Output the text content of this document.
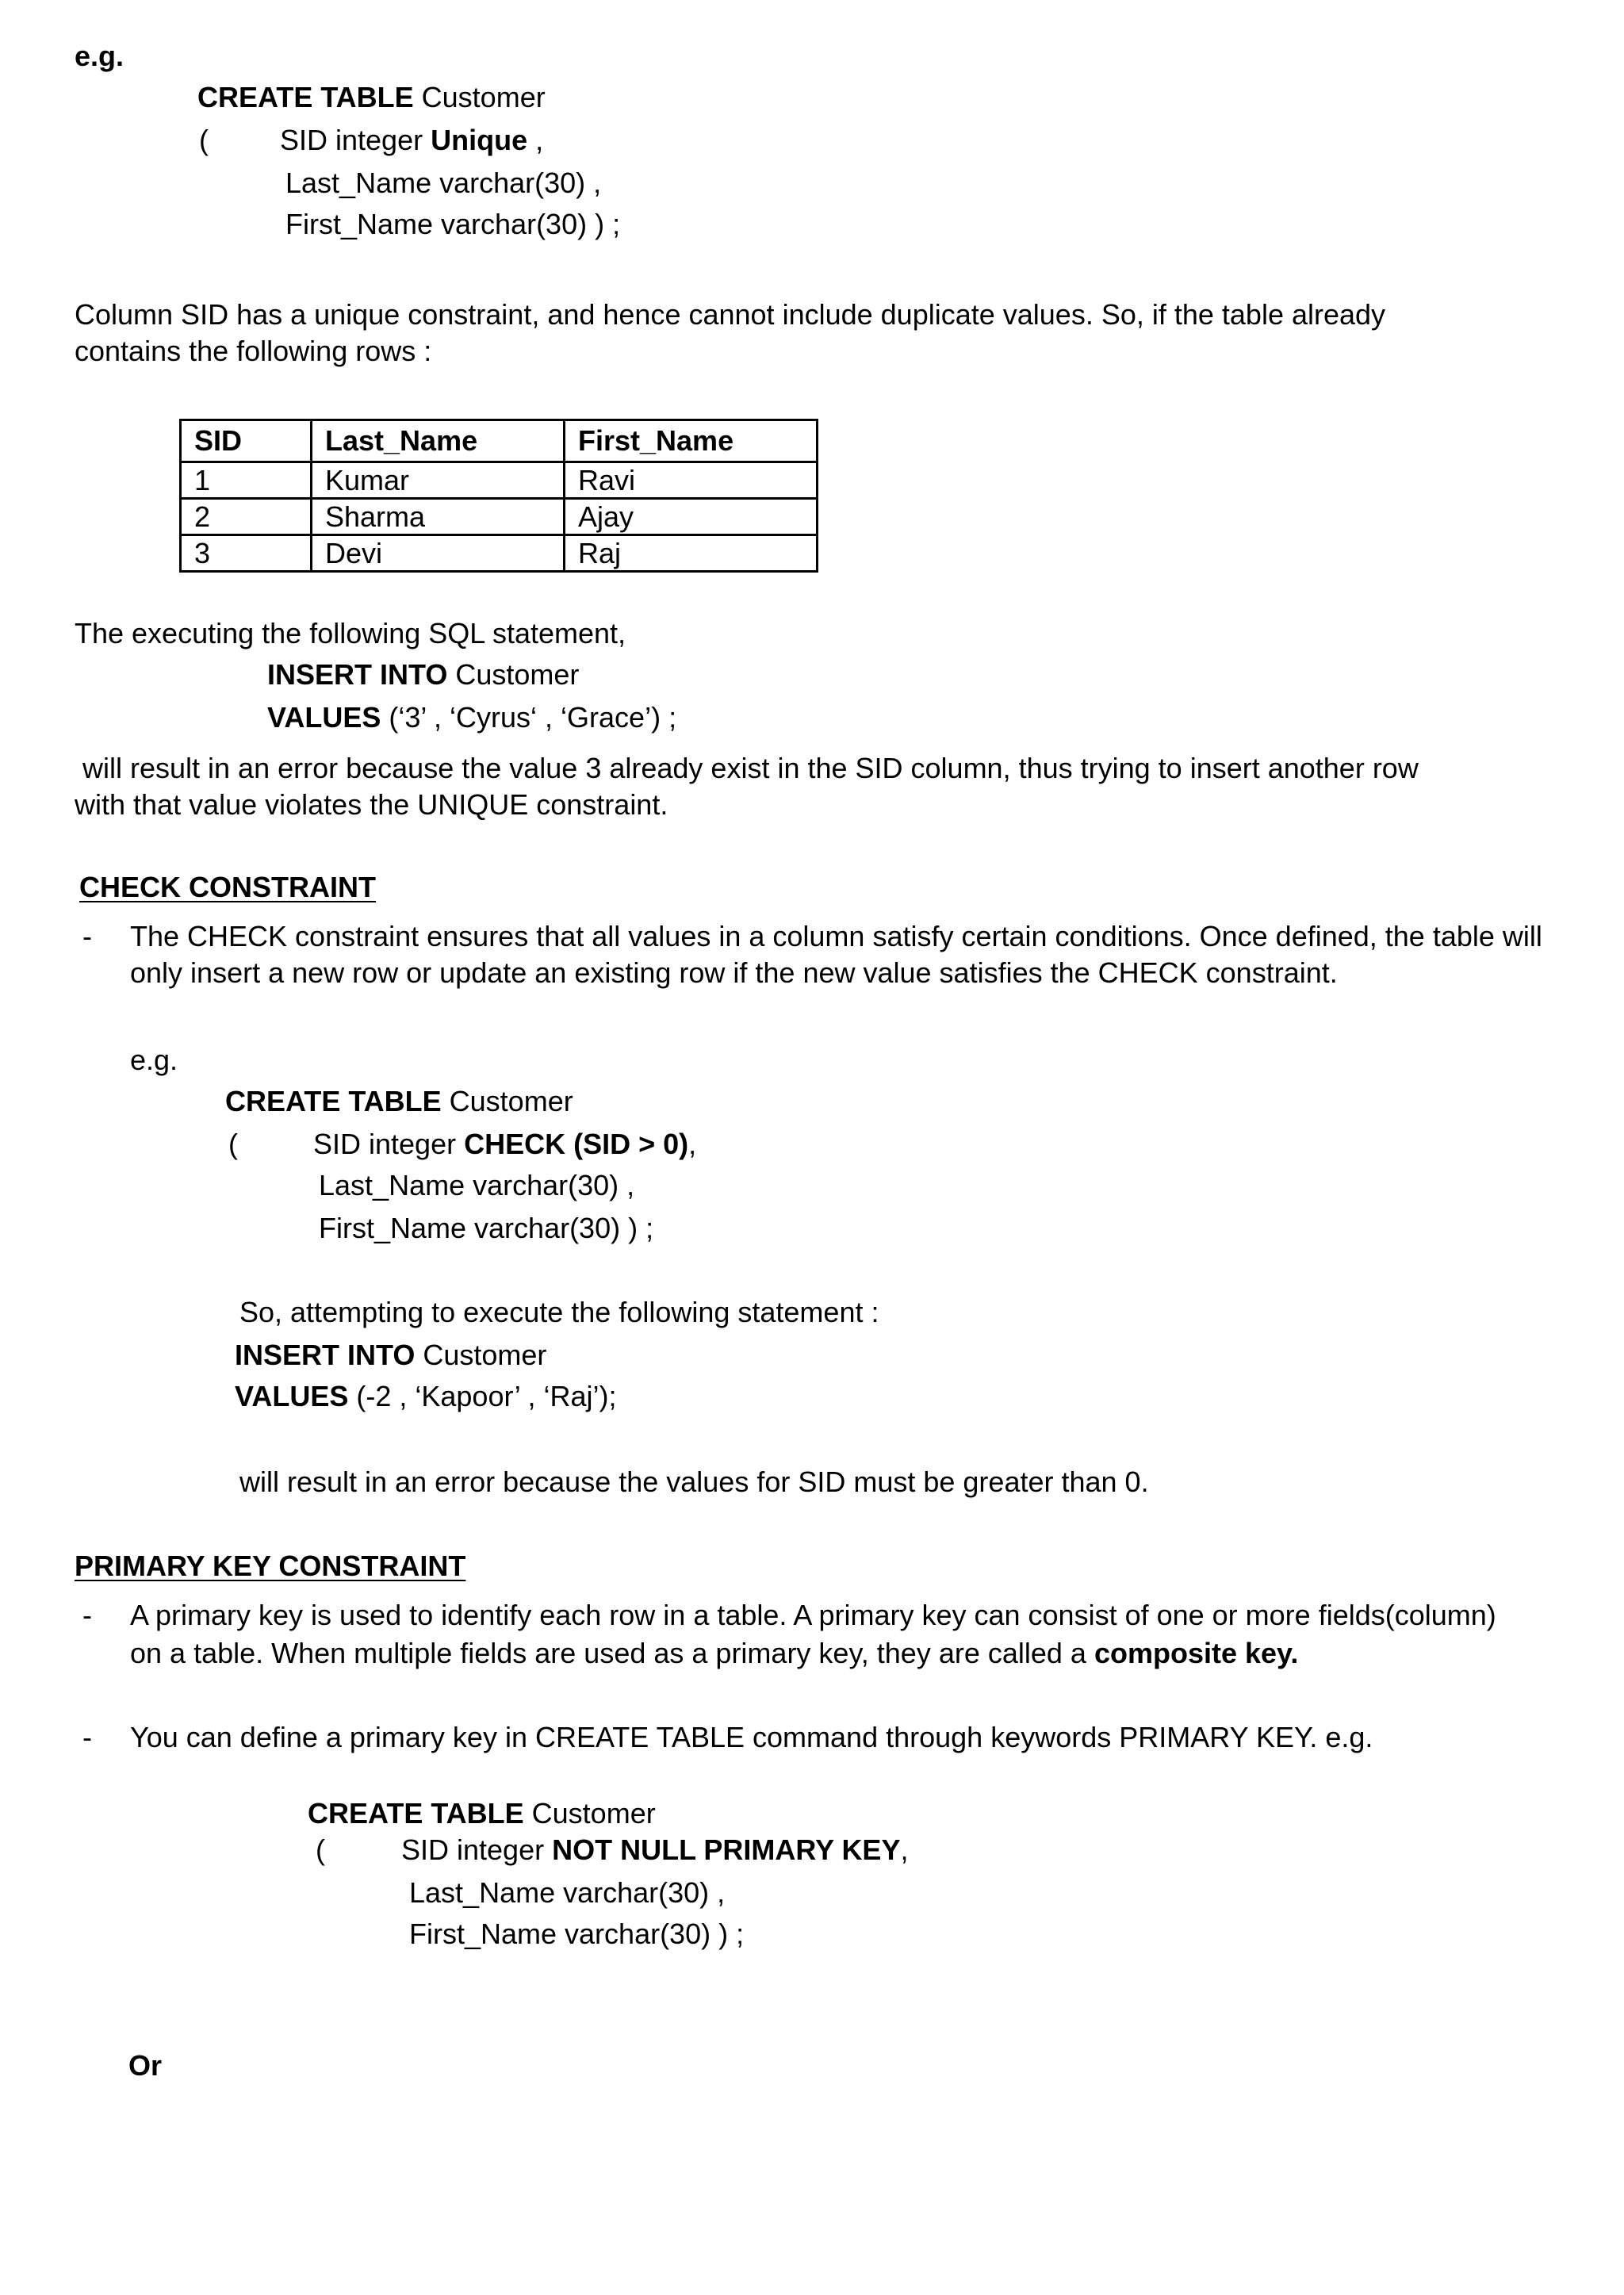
e.g.
CREATE TABLE Customer
(	SID integer Unique ,
Last_Name varchar(30) ,
First_Name varchar(30) ) ;
Column SID has a unique constraint, and hence cannot include duplicate values. So, if the table already
contains the following rows :
SID	Last_Name	First_Name
1	Kumar	Ravi
2	Sharma	Ajay
3	Devi	Raj
The executing the following SQL statement,
INSERT INTO Customer
VALUES (‘3’ , ‘Cyrus‘ , ‘Grace’) ;
will result in an error because the value 3 already exist in the SID column, thus trying to insert another row
with that value violates the UNIQUE constraint.
CHECK CONSTRAINT
- The CHECK constraint ensures that all values in a column satisfy certain conditions. Once defined, the table will
only insert a new row or update an existing row if the new value satisfies the CHECK constraint.
e.g.
CREATE TABLE Customer
(	SID integer CHECK (SID > 0),
Last_Name varchar(30) ,
First_Name varchar(30) ) ;
So, attempting to execute the following statement :
INSERT INTO Customer
VALUES (-2 , ‘Kapoor’ , ‘Raj’);
will result in an error because the values for SID must be greater than 0.
PRIMARY KEY CONSTRAINT
- A primary key is used to identify each row in a table. A primary key can consist of one or more fields(column)
on a table. When multiple fields are used as a primary key, they are called a composite key.
- You can define a primary key in CREATE TABLE command through keywords PRIMARY KEY. e.g.
CREATE TABLE Customer
(	SID integer NOT NULL PRIMARY KEY,
Last_Name varchar(30) ,
First_Name varchar(30) ) ;
Or
